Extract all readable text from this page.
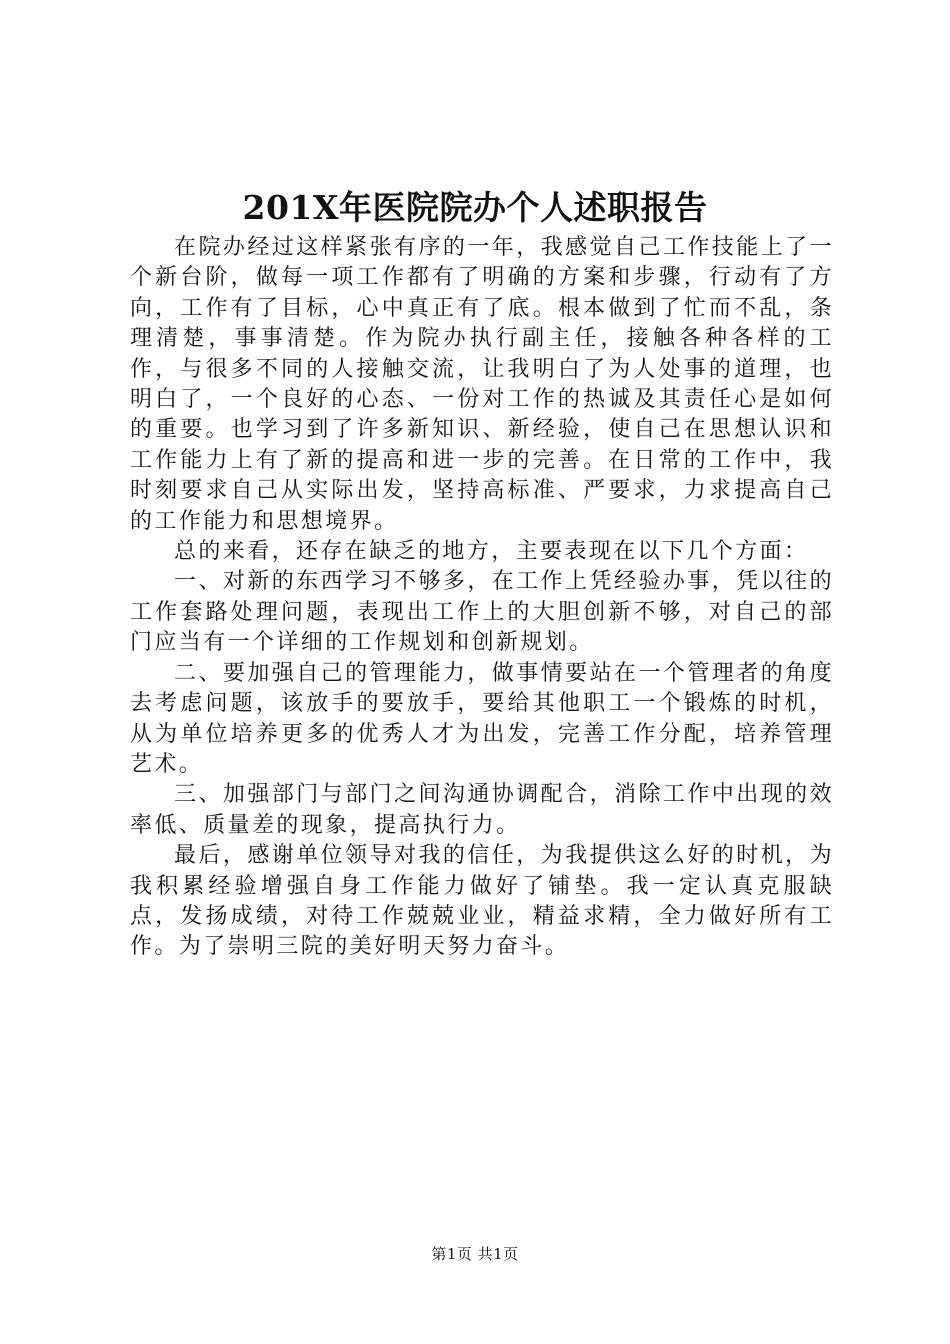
201X年医院院办个人述职报告

在院办经过这样紧张有序的一年，我感觉自己工作技能上了一个新台阶，做每一项工作都有了明确的方案和步骤，行动有了方向，工作有了目标，心中真正有了底。根本做到了忙而不乱，条理清楚，事事清楚。作为院办执行副主任，接触各种各样的工作，与很多不同的人接触交流，让我明白了为人处事的道理，也明白了，一个良好的心态、一份对工作的热诚及其责任心是如何的重要。也学习到了许多新知识、新经验，使自己在思想认识和工作能力上有了新的提高和进一步的完善。在日常的工作中，我时刻要求自己从实际出发，坚持高标准、严要求，力求提高自己的工作能力和思想境界。

总的来看，还存在缺乏的地方，主要表现在以下几个方面：

一、对新的东西学习不够多，在工作上凭经验办事，凭以往的工作套路处理问题，表现出工作上的大胆创新不够，对自己的部门应当有一个详细的工作规划和创新规划。

二、要加强自己的管理能力，做事情要站在一个管理者的角度去考虑问题，该放手的要放手，要给其他职工一个锻炼的时机，从为单位培养更多的优秀人才为出发，完善工作分配，培养管理艺术。

三、加强部门与部门之间沟通协调配合，消除工作中出现的效率低、质量差的现象，提高执行力。

最后，感谢单位领导对我的信任，为我提供这么好的时机，为我积累经验增强自身工作能力做好了铺垫。我一定认真克服缺点，发扬成绩，对待工作兢兢业业，精益求精，全力做好所有工作。为了崇明三院的美好明天努力奋斗。

第1页 共1页
